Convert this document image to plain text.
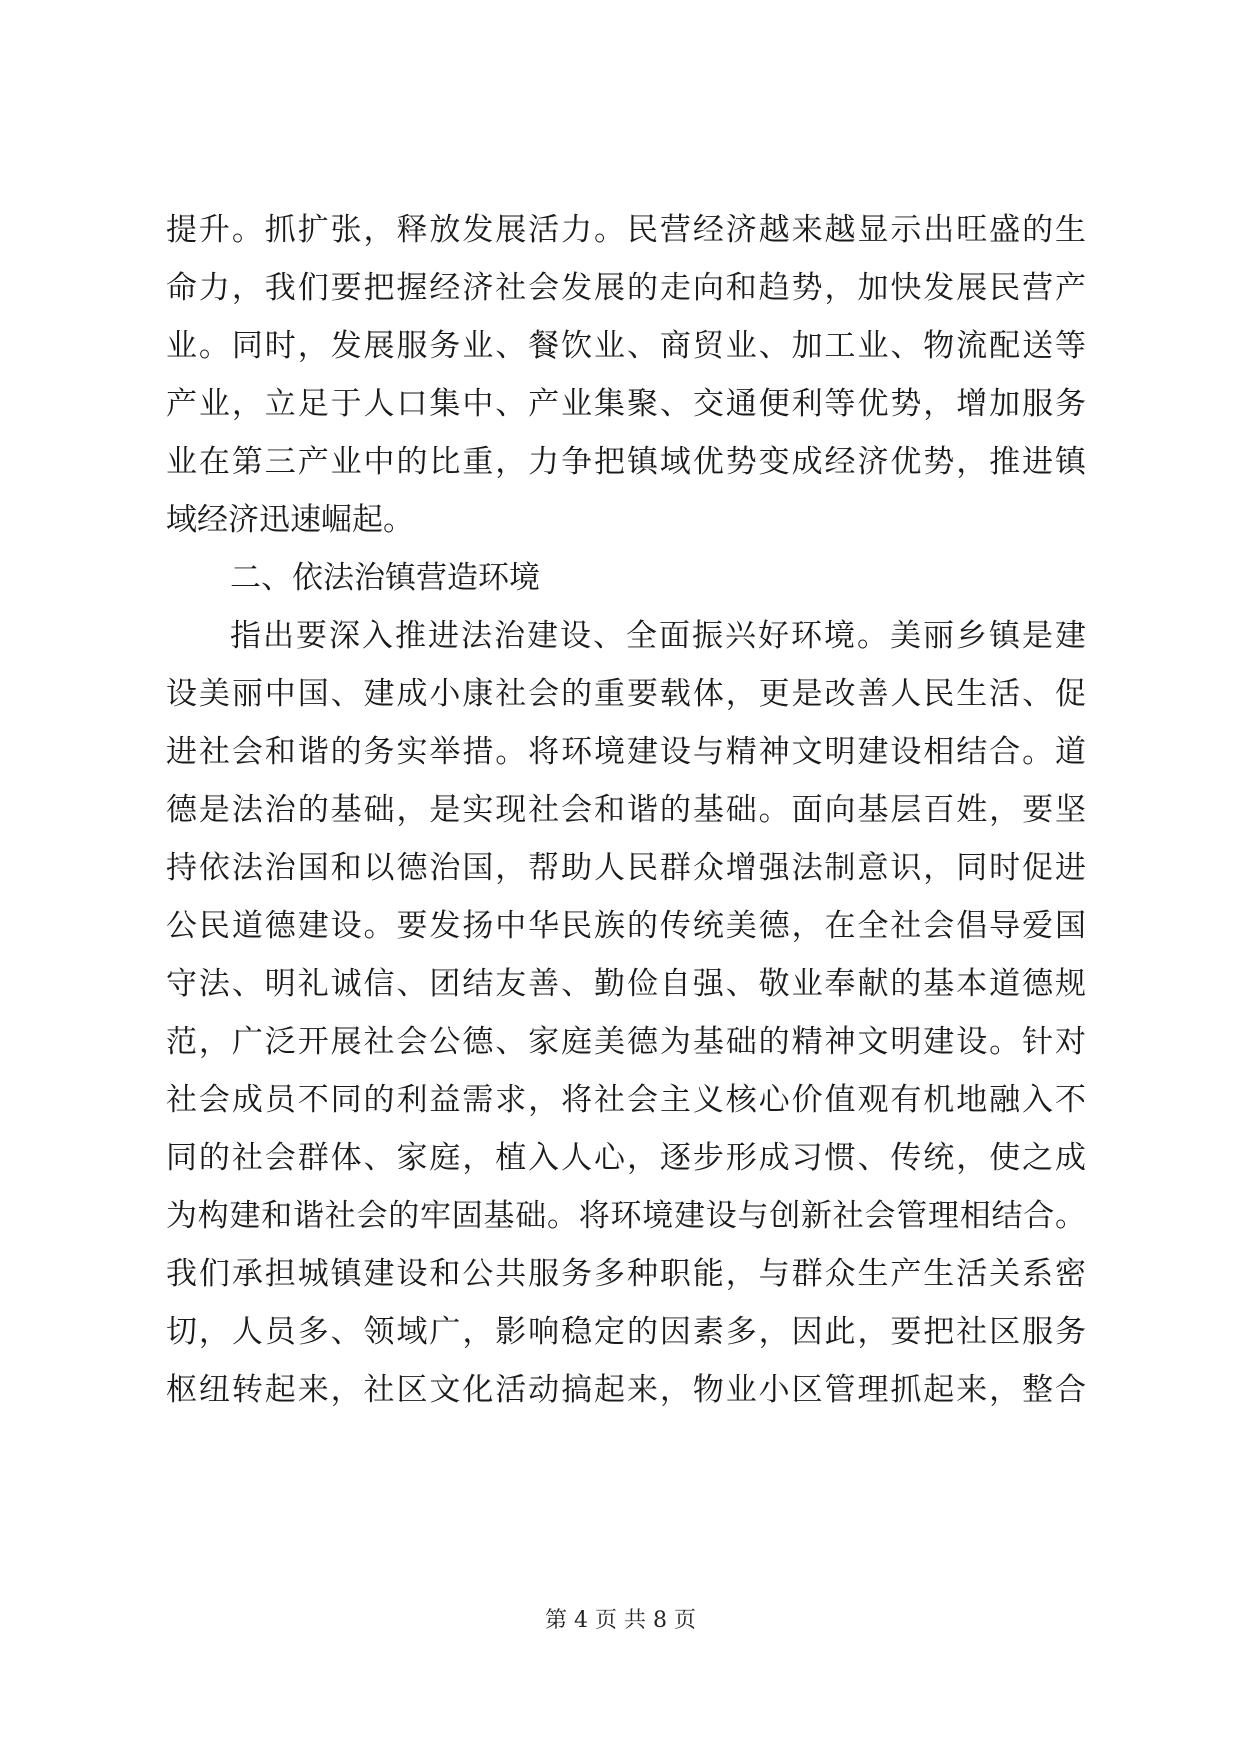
提升。抓扩张，释放发展活力。民营经济越来越显示出旺盛的生
命力，我们要把握经济社会发展的走向和趋势，加快发展民营产
业。同时，发展服务业、餐饮业、商贸业、加工业、物流配送等
产业，立足于人口集中、产业集聚、交通便利等优势，增加服务
业在第三产业中的比重，力争把镇域优势变成经济优势，推进镇
域经济迅速崛起。
二、依法治镇营造环境
指出要深入推进法治建设、全面振兴好环境。美丽乡镇是建
设美丽中国、建成小康社会的重要载体，更是改善人民生活、促
进社会和谐的务实举措。将环境建设与精神文明建设相结合。道
德是法治的基础，是实现社会和谐的基础。面向基层百姓，要坚
持依法治国和以德治国，帮助人民群众增强法制意识，同时促进
公民道德建设。要发扬中华民族的传统美德，在全社会倡导爱国
守法、明礼诚信、团结友善、勤俭自强、敬业奉献的基本道德规
范，广泛开展社会公德、家庭美德为基础的精神文明建设。针对
社会成员不同的利益需求，将社会主义核心价值观有机地融入不
同的社会群体、家庭，植入人心，逐步形成习惯、传统，使之成
为构建和谐社会的牢固基础。将环境建设与创新社会管理相结合。
我们承担城镇建设和公共服务多种职能，与群众生产生活关系密
切，人员多、领域广，影响稳定的因素多，因此，要把社区服务
枢纽转起来，社区文化活动搞起来，物业小区管理抓起来，整合
第 4 页 共 8 页
